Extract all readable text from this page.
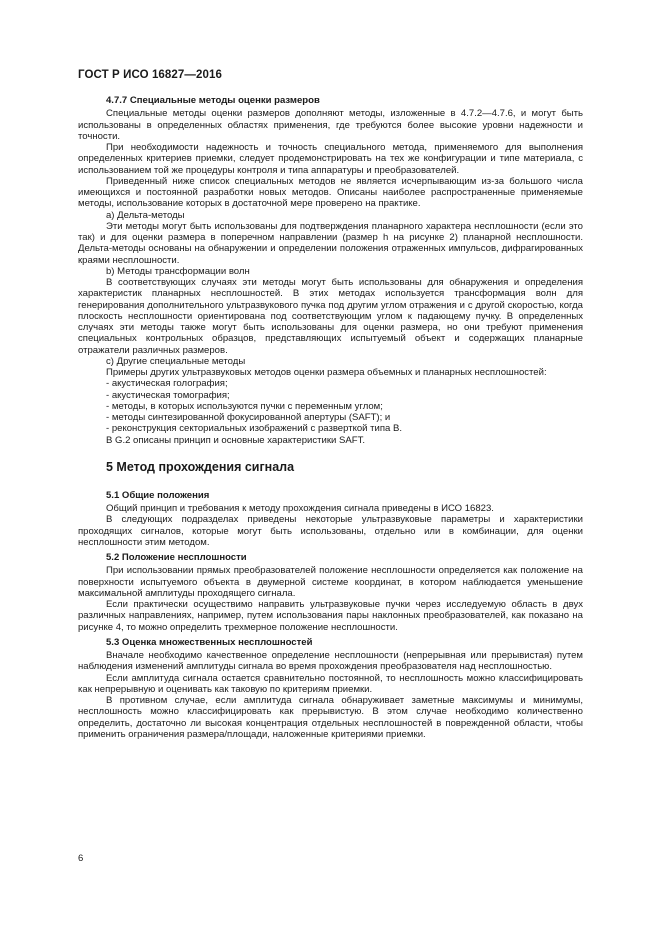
ГОСТ Р ИСО 16827—2016
4.7.7 Специальные методы оценки размеров

Специальные методы оценки размеров дополняют методы, изложенные в 4.7.2—4.7.6, и могут быть использованы в определенных областях применения, где требуются более высокие уровни надежности и точности.

При необходимости надежность и точность специального метода, применяемого для выполнения определенных критериев приемки, следует продемонстрировать на тех же конфигурации и типе материала, с использованием той же процедуры контроля и типа аппаратуры и преобразователей.

Приведенный ниже список специальных методов не является исчерпывающим из-за большого числа имеющихся и постоянной разработки новых методов. Описаны наиболее распространенные применяемые методы, использование которых в достаточной мере проверено на практике.

a) Дельта-методы

Эти методы могут быть использованы для подтверждения планарного характера несплошности (если это так) и для оценки размера в поперечном направлении (размер h на рисунке 2) планарной несплошности. Дельта-методы основаны на обнаружении и определении положения отраженных импульсов, дифрагированных краями несплошности.

b) Методы трансформации волн

В соответствующих случаях эти методы могут быть использованы для обнаружения и определения характеристик планарных несплошностей. В этих методах используется трансформация волн для генерирования дополнительного ультразвукового пучка под другим углом отражения и с другой скоростью, когда плоскость несплошности ориентирована под соответствующим углом к падающему пучку. В определенных случаях эти методы также могут быть использованы для оценки размера, но они требуют применения специальных контрольных образцов, представляющих испытуемый объект и содержащих планарные отражатели различных размеров.

c) Другие специальные методы

Примеры других ультразвуковых методов оценки размера объемных и планарных несплошностей:

- акустическая голография;
- акустическая томография;
- методы, в которых используются пучки с переменным углом;
- методы синтезированной фокусированной апертуры (SAFT); и
- реконструкция секториальных изображений с разверткой типа В.

В G.2 описаны принцип и основные характеристики SAFT.

5 Метод прохождения сигнала
5.1 Общие положения

Общий принцип и требования к методу прохождения сигнала приведены в ИСО 16823.

В следующих подразделах приведены некоторые ультразвуковые параметры и характеристики проходящих сигналов, которые могут быть использованы, отдельно или в комбинации, для оценки несплошности этим методом.

5.2 Положение несплошности

При использовании прямых преобразователей положение несплошности определяется как положение на поверхности испытуемого объекта в двумерной системе координат, в котором наблюдается уменьшение максимальной амплитуды проходящего сигнала.

Если практически осуществимо направить ультразвуковые пучки через исследуемую область в двух различных направлениях, например, путем использования пары наклонных преобразователей, как показано на рисунке 4, то можно определить трехмерное положение несплошности.

5.3 Оценка множественных несплошностей

Вначале необходимо качественное определение несплошности (непрерывная или прерывистая) путем наблюдения изменений амплитуды сигнала во время прохождения преобразователя над несплошностью.

Если амплитуда сигнала остается сравнительно постоянной, то несплошность можно классифицировать как непрерывную и оценивать как таковую по критериям приемки.

В противном случае, если амплитуда сигнала обнаруживает заметные максимумы и минимумы, несплошность можно классифицировать как прерывистую. В этом случае необходимо количественно определить, достаточно ли высокая концентрация отдельных несплошностей в поврежденной области, чтобы применить ограничения размера/площади, наложенные критериями приемки.

6
